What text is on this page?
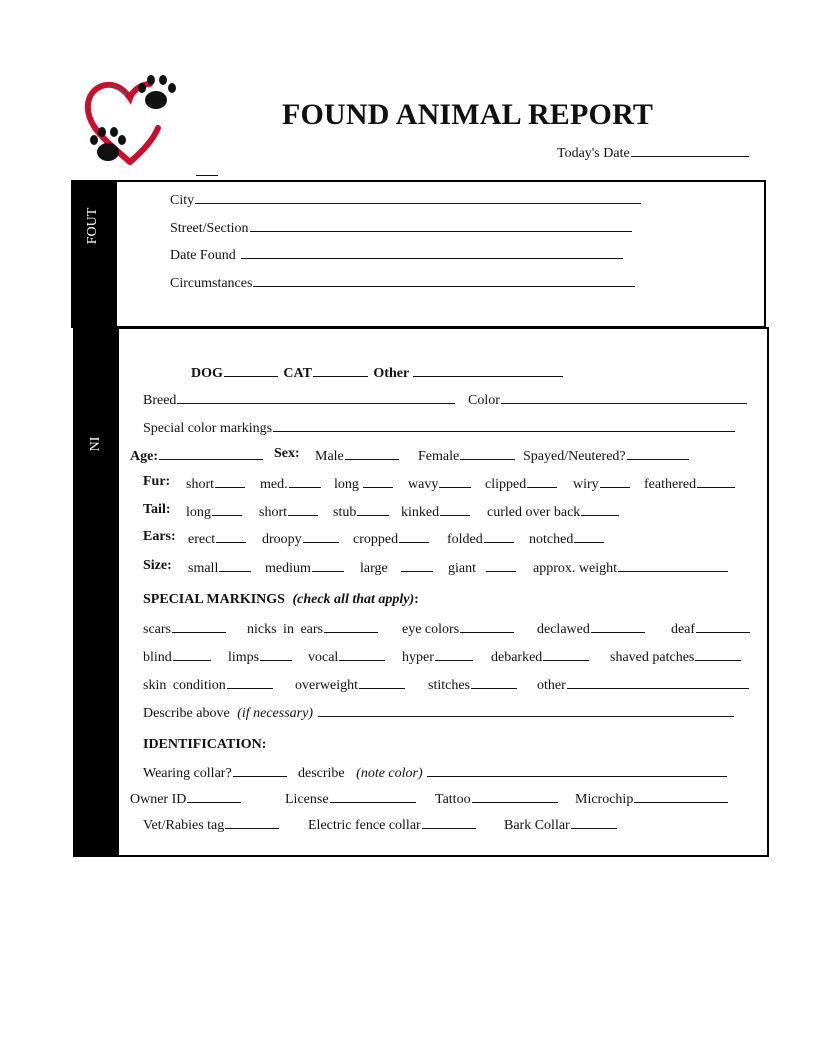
FOUND ANIMAL REPORT
Today's Date
FOUT
City
Street/Section
Date Found
Circumstances
NI
DOG	CAT	Other
Breed	Color
Special color markings
Age:	Sex: Male	Female	Spayed/Neutered?
Fur: short	med.	long	wavy	clipped	wiry	feathered
Tail: long	short	stub	kinked	curled over back
Ears: erect	droopy	cropped	folded	notched
Size: small	medium	large	giant	approx. weight
SPECIAL MARKINGS (check all that apply):
scars	nicks in ears	eye colors	declawed	deaf
blind	limps	vocal	hyper	debarked	shaved patches
skin condition	overweight	stitches	other
Describe above (if necessary)
IDENTIFICATION:
Wearing collar?	describe (note color)
Owner ID	License	Tattoo	Microchip
Vet/Rabies tag	Electric fence collar	Bark Collar
